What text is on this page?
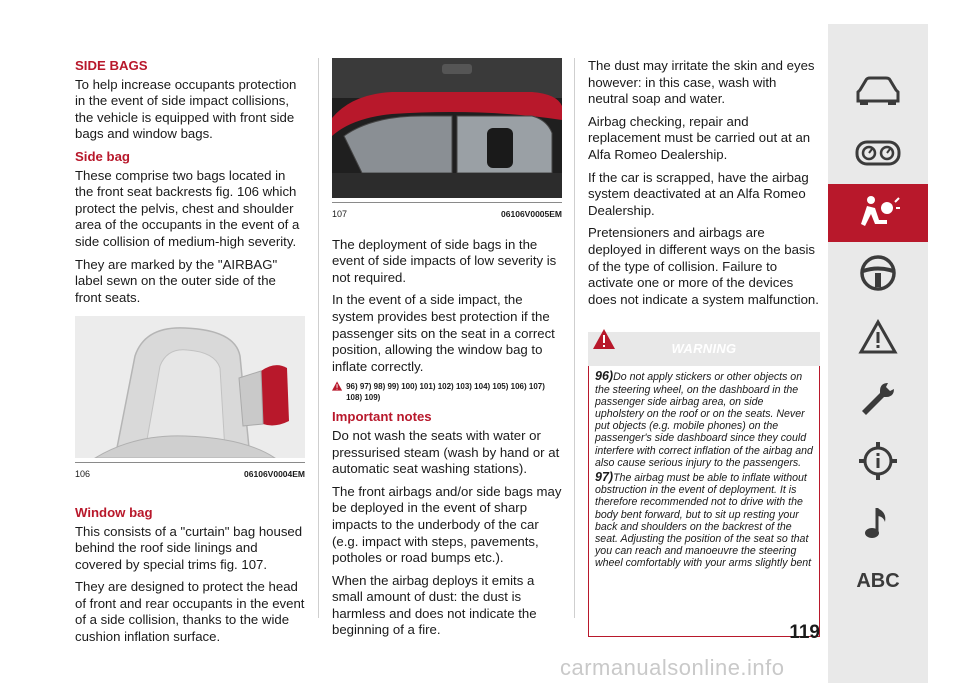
SIDE BAGS

To help increase occupants protection in the event of side impact collisions, the vehicle is equipped with front side bags and window bags.

Side bag

These comprise two bags located in the front seat backrests fig. 106 which protect the pelvis, chest and shoulder area of the occupants in the event of a side collision of medium-high severity.

They are marked by the "AIRBAG" label sewn on the outer side of the front seats.

106	06106V0004EM
Window bag

This consists of a "curtain" bag housed behind the roof side linings and covered by special trims fig. 107.

They are designed to protect the head of front and rear occupants in the event of a side collision, thanks to the wide cushion inflation surface.

107	06106V0005EM

The deployment of side bags in the event of side impacts of low severity is not required.

In the event of a side impact, the system provides best protection if the passenger sits on the seat in a correct position, allowing the window bag to inflate correctly.

96) 97) 98) 99) 100) 101) 102) 103) 104) 105) 106) 107) 108) 109)
Important notes

Do not wash the seats with water or pressurised steam (wash by hand or at automatic seat washing stations).

The front airbags and/or side bags may be deployed in the event of sharp impacts to the underbody of the car (e.g. impact with steps, pavements, potholes or road bumps etc.).

When the airbag deploys it emits a small amount of dust: the dust is harmless and does not indicate the beginning of a fire.

The dust may irritate the skin and eyes however: in this case, wash with neutral soap and water.

Airbag checking, repair and replacement must be carried out at an Alfa Romeo Dealership.

If the car is scrapped, have the airbag system deactivated at an Alfa Romeo Dealership.

Pretensioners and airbags are deployed in different ways on the basis of the type of collision. Failure to activate one or more of the devices does not indicate a system malfunction.

WARNING

96)Do not apply stickers or other objects on the steering wheel, on the dashboard in the passenger side airbag area, on side upholstery on the roof or on the seats. Never put objects (e.g. mobile phones) on the passenger's side dashboard since they could interfere with correct inflation of the airbag and also cause serious injury to the passengers.

97)The airbag must be able to inflate without obstruction in the event of deployment. It is therefore recommended not to drive with the body bent forward, but to sit up resting your back and shoulders on the backrest of the seat. Adjusting the position of the seat so that you can reach and manoeuvre the steering wheel comfortably with your arms slightly bent

119
ABC
carmanualsonline.info
